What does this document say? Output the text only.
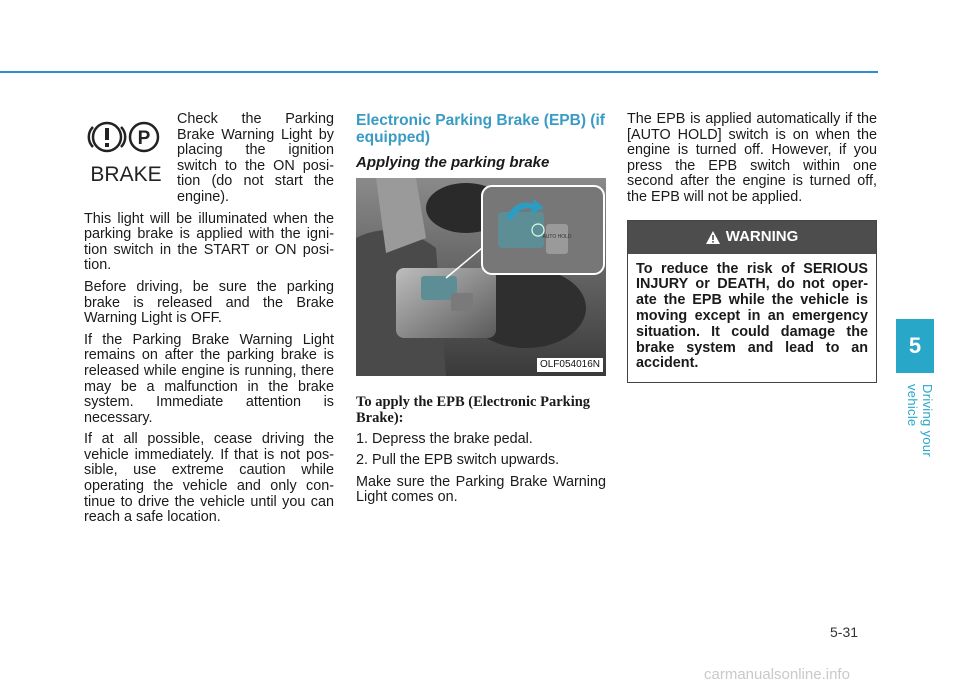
P
BRAKE

Check the Parking Brake Warning Light by placing the ignition switch to the ON posi- tion (do not start the engine).

This light will be illuminated when the parking brake is applied with the igni- tion switch in the START or ON posi- tion.

Before driving, be sure the parking brake is released and the Brake Warning Light is OFF.

If the Parking Brake Warning Light remains on after the parking brake is released while engine is running, there may be a malfunction in the brake system. Immediate attention is necessary.

If at all possible, cease driving the vehicle immediately. If that is not pos- sible, use extreme caution while operating the vehicle and only con- tinue to drive the vehicle until you can reach a safe location.

Electronic Parking Brake (EPB) (if equipped)
Applying the parking brake
AUTO HOLD
OLF054016N
To apply the EPB (Electronic Parking Brake):

1. Depress the brake pedal.

2. Pull the EPB switch upwards.

Make sure the Parking Brake Warning Light comes on.

The EPB is applied automatically if the [AUTO HOLD] switch is on when the engine is turned off. However, if you press the EPB switch within one second after the engine is turned off, the EPB will not be applied.

WARNING
To reduce the risk of SERIOUS INJURY or DEATH, do not oper- ate the EPB while the vehicle is moving except in an emergency situation. It could damage the brake system and lead to an accident.
5
Driving your vehicle
5-31
carmanualsonline.info
